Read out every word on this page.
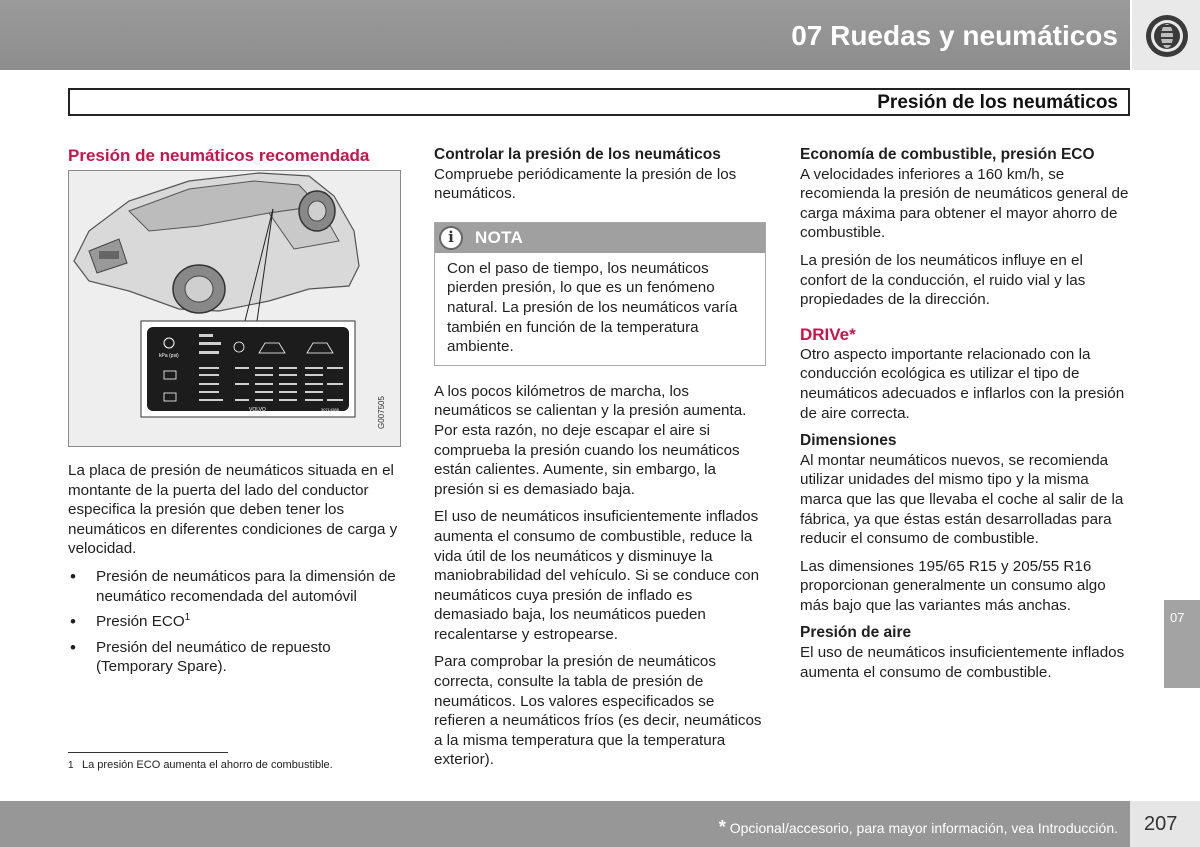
07 Ruedas y neumáticos
Presión de los neumáticos
Presión de neumáticos recomendada
kPa (psi)
VOLVO	30714388	G007505

La placa de presión de neumáticos situada en el montante de la puerta del lado del conductor especifica la presión que deben tener los neumáticos en diferentes condiciones de carga y velocidad.

• Presión de neumáticos para la dimensión de neumático recomendada del automóvil
• Presión ECO$^1$
• Presión del neumático de repuesto (Temporary Spare).
Controlar la presión de los neumáticos

Compruebe periódicamente la presión de los neumáticos.

i	NOTA
Con el paso de tiempo, los neumáticos pierden presión, lo que es un fenómeno natural. La presión de los neumáticos varía también en función de la temperatura ambiente.

A los pocos kilómetros de marcha, los neumáticos se calientan y la presión aumenta. Por esta razón, no deje escapar el aire si comprueba la presión cuando los neumáticos están calientes. Aumente, sin embargo, la presión si es demasiado baja.

El uso de neumáticos insuficientemente inflados aumenta el consumo de combustible, reduce la vida útil de los neumáticos y disminuye la maniobrabilidad del vehículo. Si se conduce con neumáticos cuya presión de inflado es demasiado baja, los neumáticos pueden recalentarse y estropearse.

Para comprobar la presión de neumáticos correcta, consulte la tabla de presión de neumáticos. Los valores especificados se refieren a neumáticos fríos (es decir, neumáticos a la misma temperatura que la temperatura exterior).

Economía de combustible, presión ECO

A velocidades inferiores a 160 km/h, se recomienda la presión de neumáticos general de carga máxima para obtener el mayor ahorro de combustible.

La presión de los neumáticos influye en el confort de la conducción, el ruido vial y las propiedades de la dirección.

DRIVe*

Otro aspecto importante relacionado con la conducción ecológica es utilizar el tipo de neumáticos adecuados e inflarlos con la presión de aire correcta.

Dimensiones

Al montar neumáticos nuevos, se recomienda utilizar unidades del mismo tipo y la misma marca que las que llevaba el coche al salir de la fábrica, ya que éstas están desarrolladas para reducir el consumo de combustible.

Las dimensiones 195/65 R15 y 205/55 R16 proporcionan generalmente un consumo algo más bajo que las variantes más anchas.

Presión de aire

El uso de neumáticos insuficientemente inflados aumenta el consumo de combustible.

1 La presión ECO aumenta el ahorro de combustible.
07
* Opcional/accesorio, para mayor información, vea Introducción. 207
